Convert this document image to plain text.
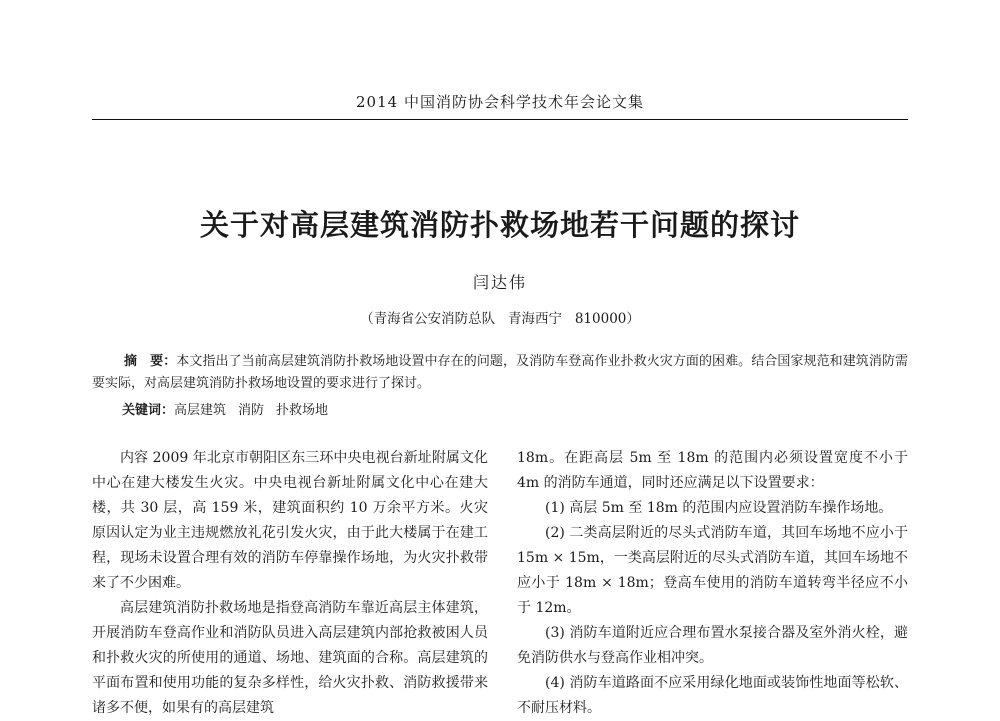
2014 中国消防协会科学技术年会论文集
关于对高层建筑消防扑救场地若干问题的探讨
闫达伟
（青海省公安消防总队   青海西宁   810000）
摘　要：本文指出了当前高层建筑消防扑救场地设置中存在的问题，及消防车登高作业扑救火灾方面的困难。结合国家规范和建筑消防需要实际，对高层建筑消防扑救场地设置的要求进行了探讨。
关键词：高层建筑 消防 扑救场地

内容 2009 年北京市朝阳区东三环中央电视台新址附属文化中心在建大楼发生火灾。中央电视台新址附属文化中心在建大楼，共 30 层，高 159 米，建筑面积约 10 万余平方米。火灾原因认定为业主违规燃放礼花引发火灾，由于此大楼属于在建工程，现场未设置合理有效的消防车停靠操作场地，为火灾扑救带来了不少困难。

高层建筑消防扑救场地是指登高消防车靠近高层主体建筑，开展消防车登高作业和消防队员进入高层建筑内部抢救被困人员和扑救火灾的所使用的通道、场地、建筑面的合称。高层建筑的平面布置和使用功能的复杂多样性，给火灾扑救、消防救援带来诸多不便，如果有的高层建筑

18m。在距高层 5m 至 18m 的范围内必须设置宽度不小于 4m 的消防车通道，同时还应满足以下设置要求：

(1) 高层 5m 至 18m 的范围内应设置消防车操作场地。

(2) 二类高层附近的尽头式消防车道，其回车场地不应小于 15m × 15m，一类高层附近的尽头式消防车道，其回车场地不应小于 18m × 18m；登高车使用的消防车道转弯半径应不小于 12m。

(3) 消防车道附近应合理布置水泵接合器及室外消火栓，避免消防供水与登高作业相冲突。

(4) 消防车道路面不应采用绿化地面或装饰性地面等松软、不耐压材料。
